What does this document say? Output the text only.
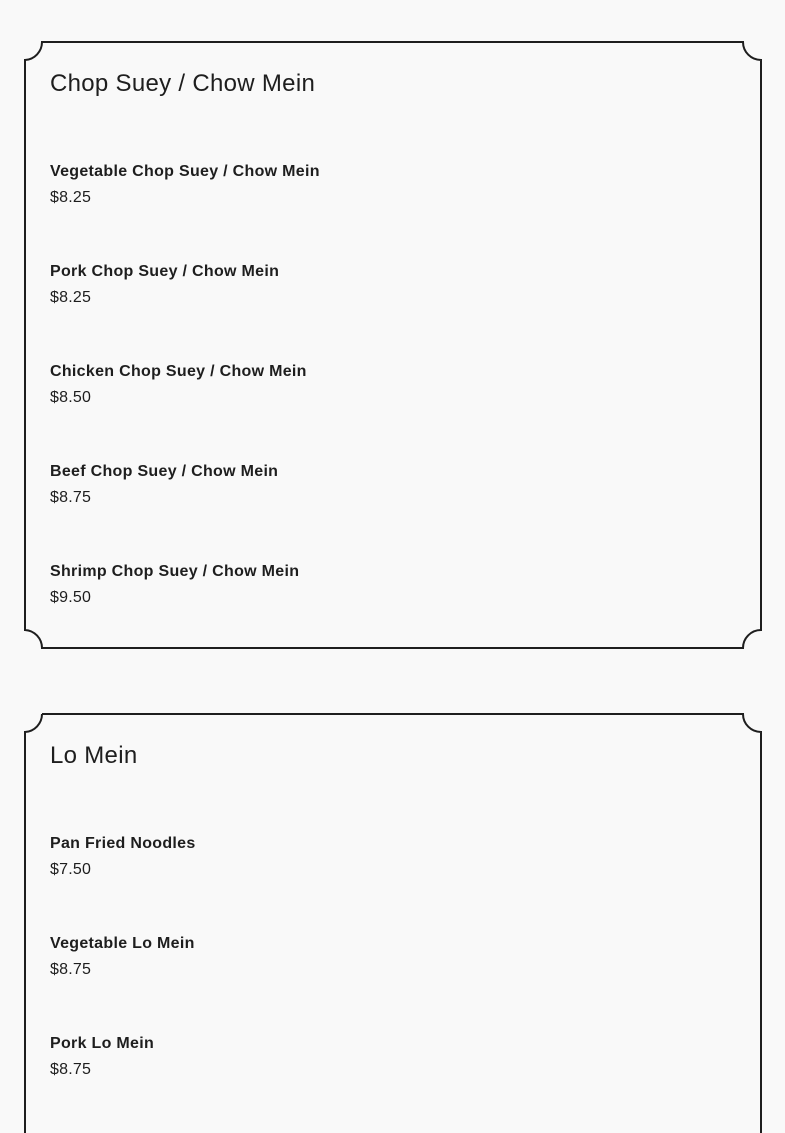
Chop Suey / Chow Mein
Vegetable Chop Suey / Chow Mein
$8.25
Pork Chop Suey / Chow Mein
$8.25
Chicken Chop Suey / Chow Mein
$8.50
Beef Chop Suey / Chow Mein
$8.75
Shrimp Chop Suey / Chow Mein
$9.50
Lo Mein
Pan Fried Noodles
$7.50
Vegetable Lo Mein
$8.75
Pork Lo Mein
$8.75
